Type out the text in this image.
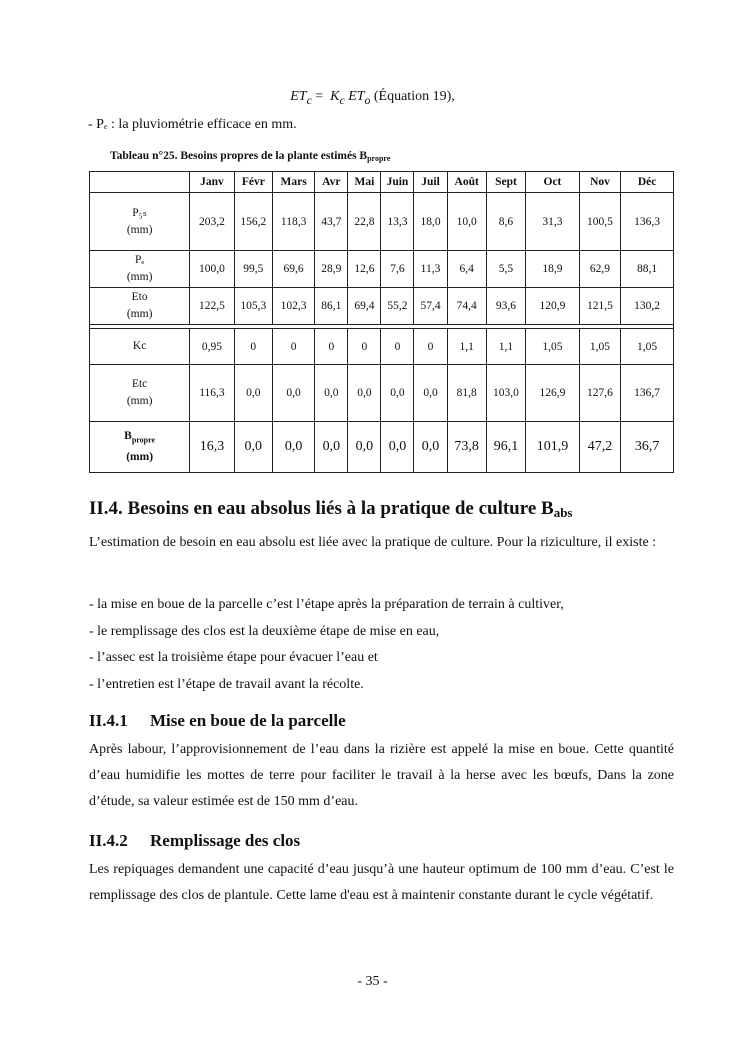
$ET_c = K_c$ $ET_o$ (Équation 19),
- Pₑ : la pluviométrie efficace en mm.
Tableau n°25. Besoins propres de la plante estimés $B_{propre}$
	Janv	Févr	Mars	Avr	Mai	Juin	Juil	Août	Sept	Oct	Nov	Déc

P₅ₛ
(mm)	203,2	156,2	118,3	43,7	22,8	13,3	18,0	10,0	8,6	31,3	100,5	136,3

Pₑ
(mm)	100,0	99,5	69,6	28,9	12,6	7,6	11,3	6,4	5,5	18,9	62,9	88,1

Eto
(mm)	122,5	105,3	102,3	86,1	69,4	55,2	57,4	74,4	93,6	120,9	121,5	130,2

Kc	0,95	0	0	0	0	0	0	1,1	1,1	1,05	1,05	1,05

Etc
(mm)	116,3	0,0	0,0	0,0	0,0	0,0	0,0	81,8	103,0	126,9	127,6	136,7

$B_{propre}$
(mm)	16,3	0,0	0,0	0,0	0,0	0,0	0,0	73,8	96,1	101,9	47,2	36,7
II.4. Besoins en eau absolus liés à la pratique de culture $B_{abs}$
L’estimation de besoin en eau absolu est liée avec la pratique de culture. Pour la riziculture, il existe :
- la mise en boue de la parcelle c’est l’étape après la préparation de terrain à cultiver,
- le remplissage des clos est la deuxième étape de mise en eau,
- l’assec est la troisième étape pour évacuer l’eau et
- l’entretien est l’étape de travail avant la récolte.
II.4.1 Mise en boue de la parcelle
Après labour, l’approvisionnement de l’eau dans la rizière est appelé la mise en boue. Cette quantité d’eau humidifie les mottes de terre pour faciliter le travail à la herse avec les bœufs, Dans la zone d’étude, sa valeur estimée est de 150 mm d’eau.
II.4.2 Remplissage des clos
Les repiquages demandent une capacité d’eau jusqu’à une hauteur optimum de 100 mm d’eau. C’est le remplissage des clos de plantule. Cette lame d'eau est à maintenir constante durant le cycle végétatif.
- 35 -
